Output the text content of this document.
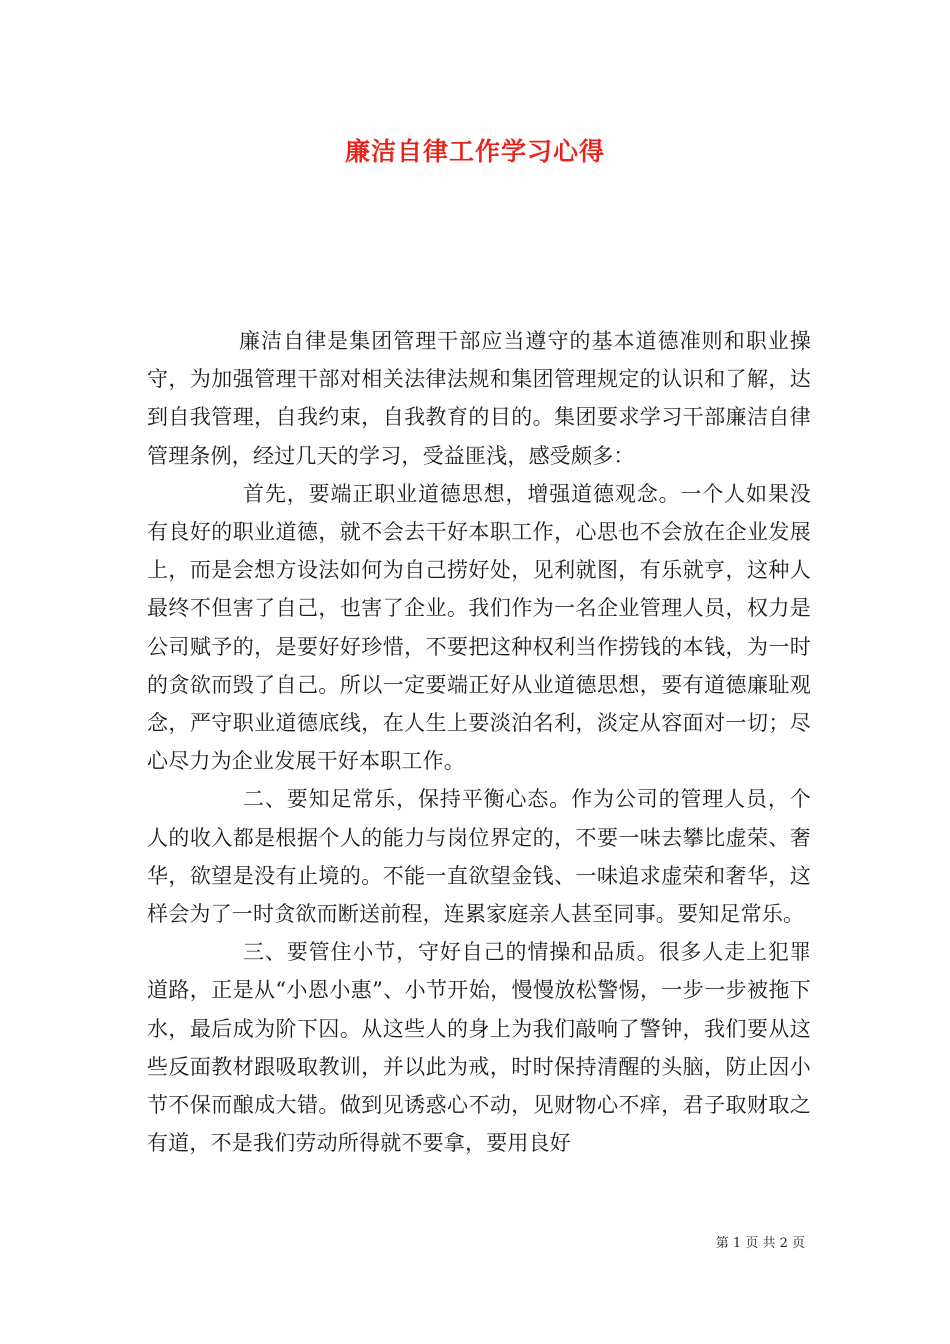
廉洁自律工作学习心得

廉洁自律是集团管理干部应当遵守的基本道德准则和职业操守，为加强管理干部对相关法律法规和集团管理规定的认识和了解，达到自我管理，自我约束，自我教育的目的。集团要求学习干部廉洁自律管理条例，经过几天的学习，受益匪浅，感受颇多：

首先，要端正职业道德思想，增强道德观念。一个人如果没有良好的职业道德，就不会去干好本职工作，心思也不会放在企业发展上，而是会想方设法如何为自己捞好处，见利就图，有乐就亨，这种人最终不但害了自己，也害了企业。我们作为一名企业管理人员，权力是公司赋予的，是要好好珍惜，不要把这种权利当作捞钱的本钱，为一时的贪欲而毁了自己。所以一定要端正好从业道德思想，要有道德廉耻观念，严守职业道德底线，在人生上要淡泊名利，淡定从容面对一切；尽心尽力为企业发展干好本职工作。

二、要知足常乐，保持平衡心态。作为公司的管理人员，个人的收入都是根据个人的能力与岗位界定的，不要一味去攀比虚荣、奢华，欲望是没有止境的。不能一直欲望金钱、一味追求虚荣和奢华，这样会为了一时贪欲而断送前程，连累家庭亲人甚至同事。要知足常乐。

三、要管住小节，守好自己的情操和品质。很多人走上犯罪道路，正是从“小恩小惠”、小节开始，慢慢放松警惕，一步一步被拖下水，最后成为阶下囚。从这些人的身上为我们敲响了警钟，我们要从这些反面教材跟吸取教训，并以此为戒，时时保持清醒的头脑，防止因小节不保而酿成大错。做到见诱惑心不动，见财物心不痒，君子取财取之有道，不是我们劳动所得就不要拿，要用良好

第 1 页 共 2 页
